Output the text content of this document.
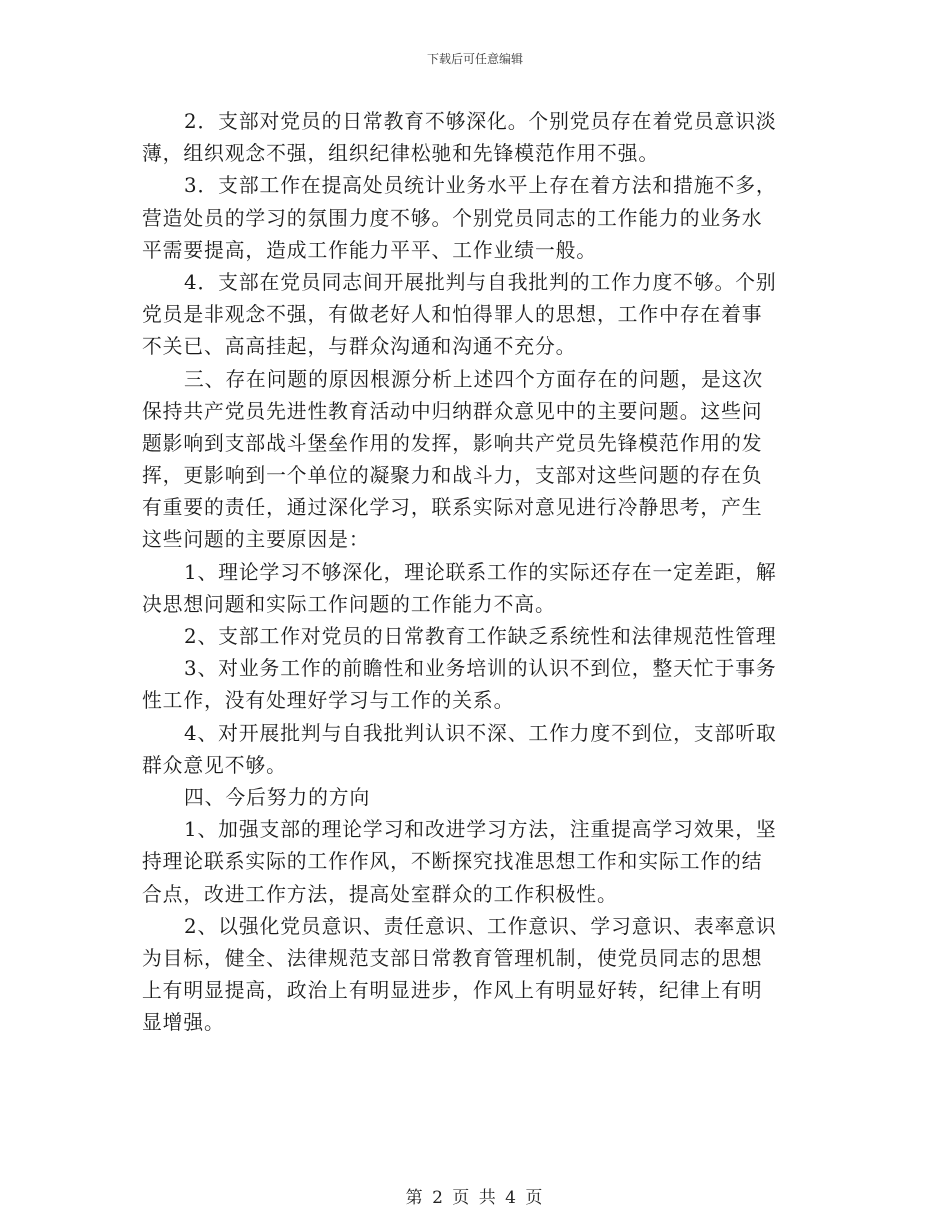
下载后可任意编辑
2．支部对党员的日常教育不够深化。个别党员存在着党员意识淡
薄，组织观念不强，组织纪律松驰和先锋模范作用不强。
3．支部工作在提高处员统计业务水平上存在着方法和措施不多，
营造处员的学习的氛围力度不够。个别党员同志的工作能力的业务水
平需要提高，造成工作能力平平、工作业绩一般。
4．支部在党员同志间开展批判与自我批判的工作力度不够。个别
党员是非观念不强，有做老好人和怕得罪人的思想，工作中存在着事
不关已、高高挂起，与群众沟通和沟通不充分。
三、存在问题的原因根源分析上述四个方面存在的问题，是这次
保持共产党员先进性教育活动中归纳群众意见中的主要问题。这些问
题影响到支部战斗堡垒作用的发挥，影响共产党员先锋模范作用的发
挥，更影响到一个单位的凝聚力和战斗力，支部对这些问题的存在负
有重要的责任，通过深化学习，联系实际对意见进行冷静思考，产生
这些问题的主要原因是：
1、理论学习不够深化，理论联系工作的实际还存在一定差距，解
决思想问题和实际工作问题的工作能力不高。
2、支部工作对党员的日常教育工作缺乏系统性和法律规范性管理
3、对业务工作的前瞻性和业务培训的认识不到位，整天忙于事务
性工作，没有处理好学习与工作的关系。
4、对开展批判与自我批判认识不深、工作力度不到位，支部听取
群众意见不够。
四、今后努力的方向
1、加强支部的理论学习和改进学习方法，注重提高学习效果，坚
持理论联系实际的工作作风，不断探究找准思想工作和实际工作的结
合点，改进工作方法，提高处室群众的工作积极性。
2、以强化党员意识、责任意识、工作意识、学习意识、表率意识
为目标，健全、法律规范支部日常教育管理机制，使党员同志的思想
上有明显提高，政治上有明显进步，作风上有明显好转，纪律上有明
显增强。
第 2 页 共 4 页
